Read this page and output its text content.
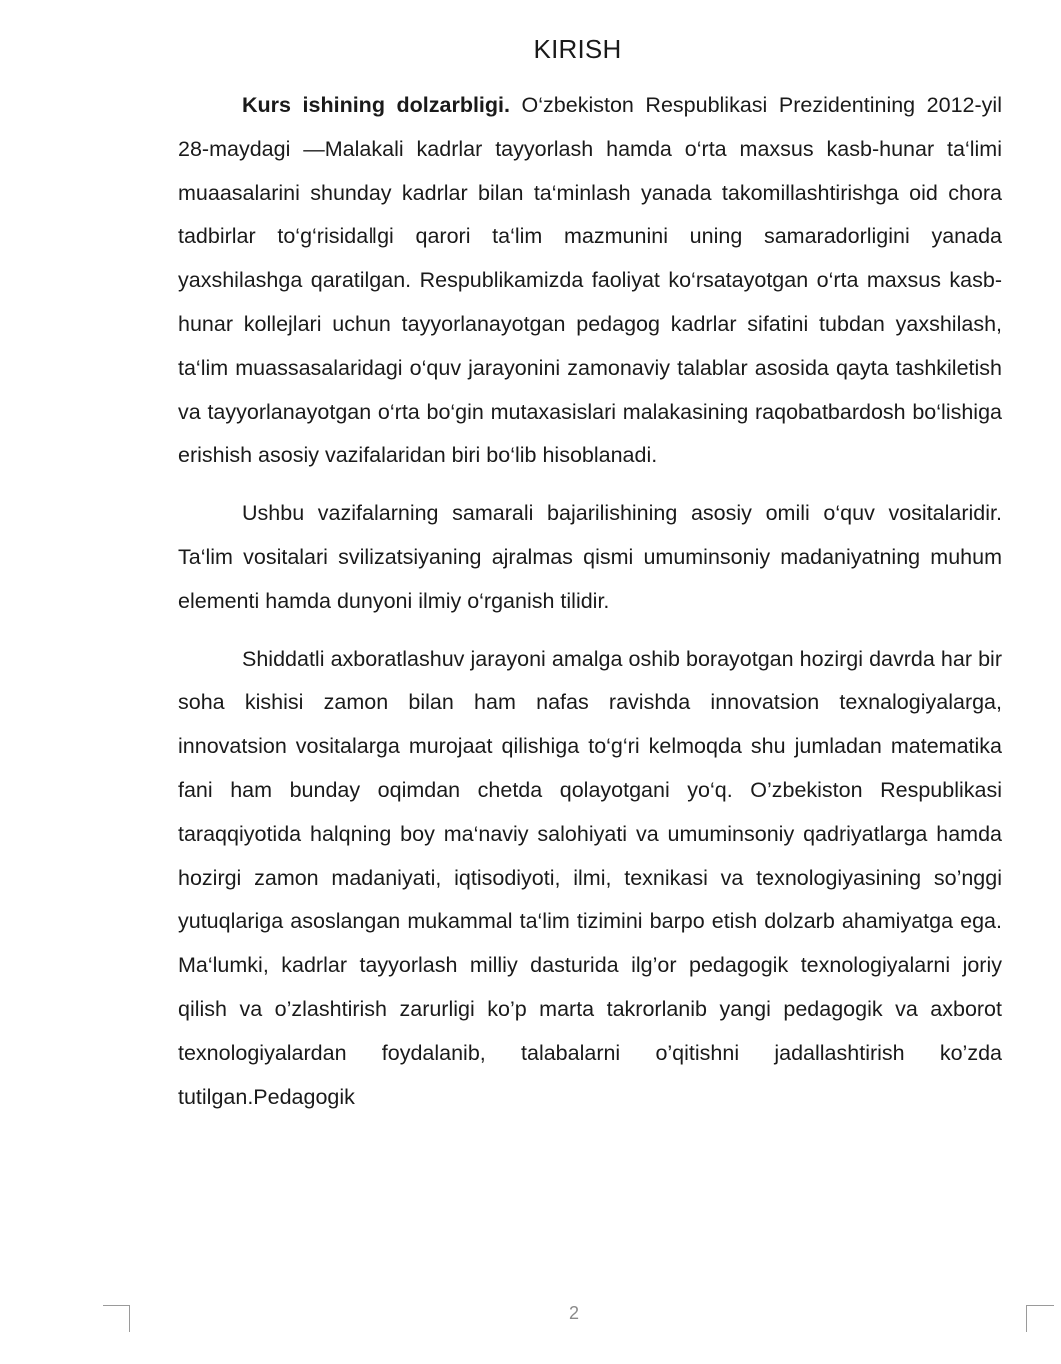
KIRISH

Kurs ishining dolzarbligi. O‘zbekiston Respublikasi Prezidentining 2012-yil 28-maydagi ―Malakali kadrlar tayyorlash hamda o‘rta maxsus kasb-hunar ta‘limi muaasalarini shunday kadrlar bilan ta‘minlash yanada takomillashtirishga oid chora tadbirlar to‘g‘risida‖gi qarori ta‘lim mazmunini uning samaradorligini yanada yaxshilashga qaratilgan. Respublikamizda faoliyat ko‘rsatayotgan o‘rta maxsus kasb-hunar kollejlari uchun tayyorlanayotgan pedagog kadrlar sifatini tubdan yaxshilash, ta‘lim muassasalaridagi o‘quv jarayonini zamonaviy talablar asosida qayta tashkiletish va tayyorlanayotgan o‘rta bo‘gin mutaxasislari malakasining raqobatbardosh bo‘lishiga erishish asosiy vazifalaridan biri bo‘lib hisoblanadi.

Ushbu vazifalarning samarali bajarilishining asosiy omili o‘quv vositalaridir. Ta‘lim vositalari svilizatsiyaning ajralmas qismi umuminsoniy madaniyatning muhum elementi hamda dunyoni ilmiy o‘rganish tilidir.

Shiddatli axboratlashuv jarayoni amalga oshib borayotgan hozirgi davrda har bir soha kishisi zamon bilan ham nafas ravishda innovatsion texnalogiyalarga, innovatsion vositalarga murojaat qilishiga to‘g‘ri kelmoqda shu jumladan matematika fani ham bunday oqimdan chetda qolayotgani yo‘q. O’zbekiston Respublikasi taraqqiyotida halqning boy ma‘naviy salohiyati va umuminsoniy qadriyatlarga hamda hozirgi zamon madaniyati, iqtisodiyoti, ilmi, texnikasi va texnologiyasining so’nggi yutuqlariga asoslangan mukammal ta‘lim tizimini barpo etish dolzarb ahamiyatga ega. Ma‘lumki, kadrlar tayyorlash milliy dasturida ilg’or pedagogik texnologiyalarni joriy qilish va o’zlashtirish zarurligi ko’p marta takrorlanib yangi pedagogik va axborot texnologiyalardan foydalanib, talabalarni o’qitishni jadallashtirish ko’zda tutilgan.Pedagogik

2
